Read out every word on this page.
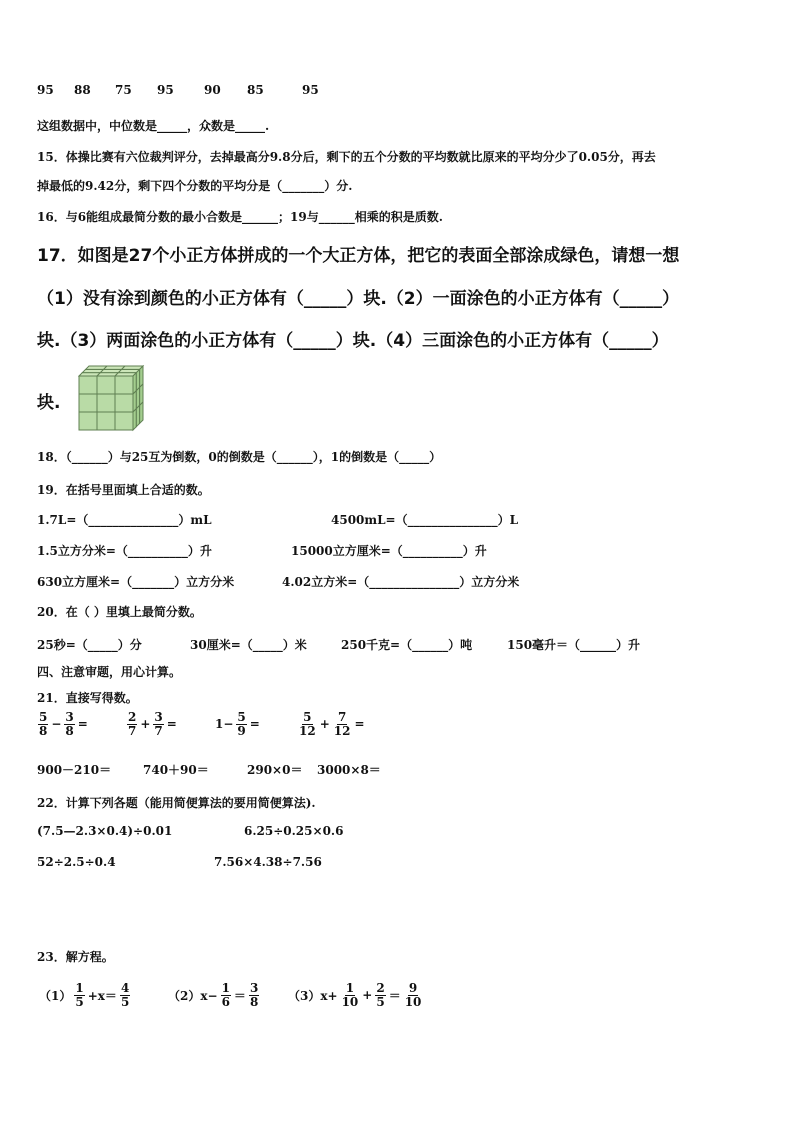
95 88 75 95	90 85	95
这组数据中，中位数是_____，众数是_____.
15．体操比赛有六位裁判评分，去掉最高分9.8分后，剩下的五个分数的平均数就比原来的平均分少了0.05分，再去
掉最低的9.42分，剩下四个分数的平均分是（_______）分.
16．与6能组成最简分数的最小合数是______；19与______相乘的积是质数.
17．如图是27个小正方体拼成的一个大正方体，把它的表面全部涂成绿色，请想一想
（1）没有涂到颜色的小正方体有（_____）块.（2）一面涂色的小正方体有（_____）
块.（3）两面涂色的小正方体有（_____）块.（4）三面涂色的小正方体有（_____）
块.
18．（______）与25互为倒数，0的倒数是（______），1的倒数是（_____）
19．在括号里面填上合适的数。
1.7L=（_______________）mL	4500mL=（_______________）L
1.5立方分米=（__________）升	15000立方厘米=（__________）升
630立方厘米=（_______）立方分米	4.02立方米=（_______________）立方分米
20．在（ ）里填上最简分数。
25秒=（_____）分	30厘米=（_____）米	250千克=（______）吨	150毫升＝（______）升
四、注意审题，用心计算。
21．直接写得数。
$\frac{5}{8} - \frac{3}{8}$ =	$\frac{2}{7} + \frac{3}{7}$ =	$1- \frac{5}{9}$ =	$\frac{5}{12} + \frac{7}{12}$ =
900－210＝	740＋90＝	290×0＝ 3000×8＝
22．计算下列各题（能用简便算法的要用简便算法).
(7.5—2.3×0.4)÷0.01	6.25÷0.25×0.6
52÷2.5÷0.4	7.56×4.38÷7.56
23．解方程。
$(1) \frac{1}{5} +x= \frac{4}{5}$	$(2)x- \frac{1}{6} = \frac{3}{8} (3)x+ \frac{1}{10} + \frac{2}{5} = \frac{9}{10}$
